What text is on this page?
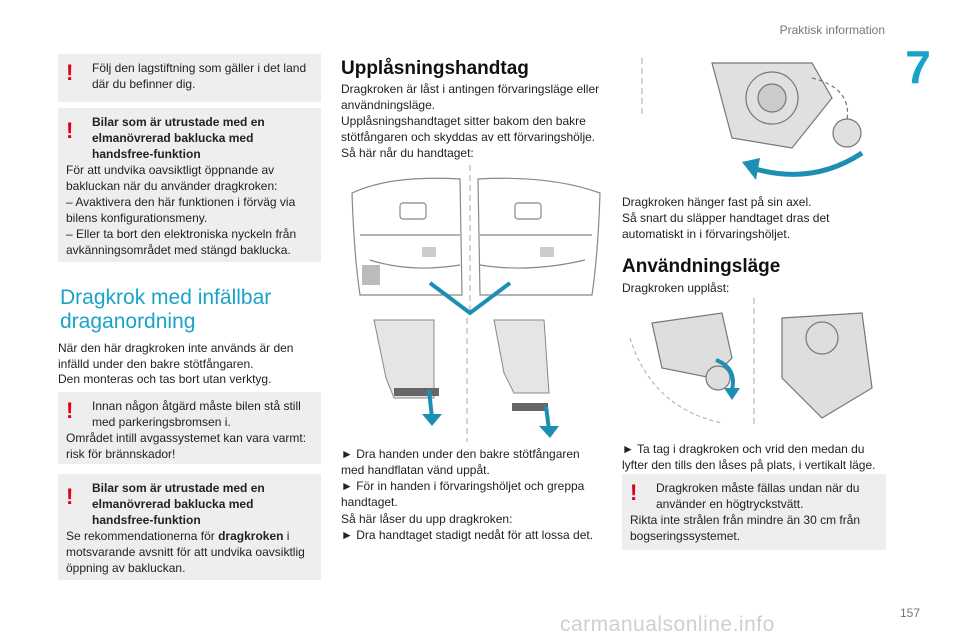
Praktisk information
7
!	Följ den lagstiftning som gäller i det land där du befinner dig.
!	Bilar som är utrustade med en elmanövrerad baklucka med handsfree-funktion
För att undvika oavsiktligt öppnande av bakluckan när du använder dragkroken:
– Avaktivera den här funktionen i förväg via bilens konfigurationsmeny.
– Eller ta bort den elektroniska nyckeln från avkänningsområdet med stängd baklucka.
Dragkrok med infällbar draganordning
När den här dragkroken inte används är den infälld under den bakre stötfångaren.
Den monteras och tas bort utan verktyg.
!	Innan någon åtgärd måste bilen stå still med parkeringsbromsen i.
Området intill avgassystemet kan vara varmt: risk för brännskador!
!	Bilar som är utrustade med en elmanövrerad baklucka med handsfree-funktion
Se rekommendationerna för dragkroken i motsvarande avsnitt för att undvika oavsiktlig öppning av bakluckan.
Upplåsningshandtag
Dragkroken är låst i antingen förvaringsläge eller användningsläge.
Upplåsningshandtaget sitter bakom den bakre stötfångaren och skyddas av ett förvaringshölje.
Så här når du handtaget:
► Dra handen under den bakre stötfångaren med handflatan vänd uppåt.
► För in handen i förvaringshöljet och greppa handtaget.
Så här låser du upp dragkroken:
► Dra handtaget stadigt nedåt för att lossa det.
Dragkroken hänger fast på sin axel.
Så snart du släpper handtaget dras det automatiskt in i förvaringshöljet.
Användningsläge
Dragkroken upplåst:
► Ta tag i dragkroken och vrid den medan du lyfter den tills den låses på plats, i vertikalt läge.
!	Dragkroken måste fällas undan när du använder en högtryckstvätt.
Rikta inte strålen från mindre än 30 cm från bogseringssystemet.
157
carmanualsonline.info
